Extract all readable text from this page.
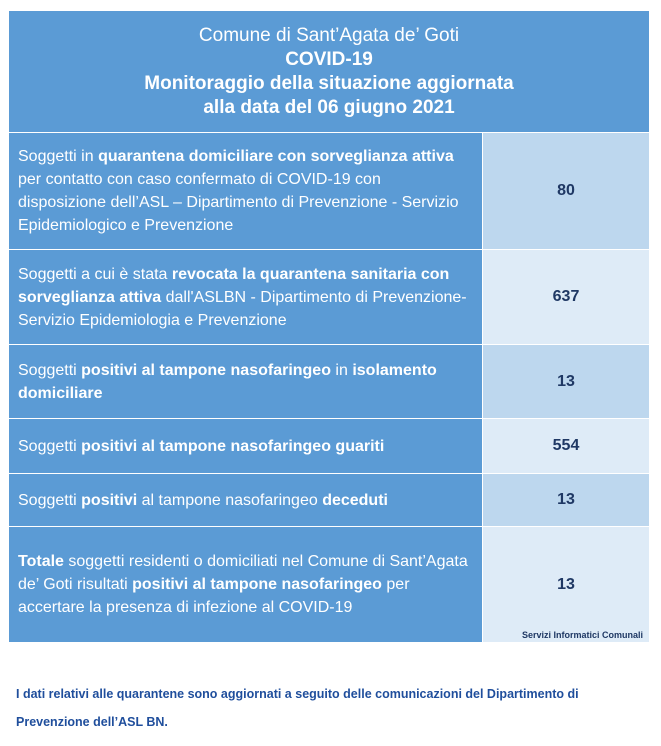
Comune di Sant’Agata de’ Goti
COVID-19
Monitoraggio della situazione aggiornata
alla data del 06 giugno 2021	

Soggetti in quarantena domiciliare con sorveglianza attiva per contatto con caso confermato di COVID-19 con disposizione dell’ASL – Dipartimento di Prevenzione - Servizio Epidemiologico e Prevenzione	80
Soggetti a cui è stata revocata la quarantena sanitaria con sorveglianza attiva dall'ASLBN - Dipartimento di Prevenzione-Servizio Epidemiologia e Prevenzione	637
Soggetti positivi al tampone nasofaringeo in isolamento domiciliare	13
Soggetti positivi al tampone nasofaringeo guariti	554
Soggetti positivi al tampone nasofaringeo deceduti	13
Totale soggetti residenti o domiciliati nel Comune di Sant’Agata de’ Goti risultati positivi al tampone nasofaringeo per accertare la presenza di infezione al COVID-19	13
Servizi Informatici Comunali
I dati relativi alle quarantene sono aggiornati a seguito delle comunicazioni del Dipartimento di Prevenzione dell’ASL BN.
